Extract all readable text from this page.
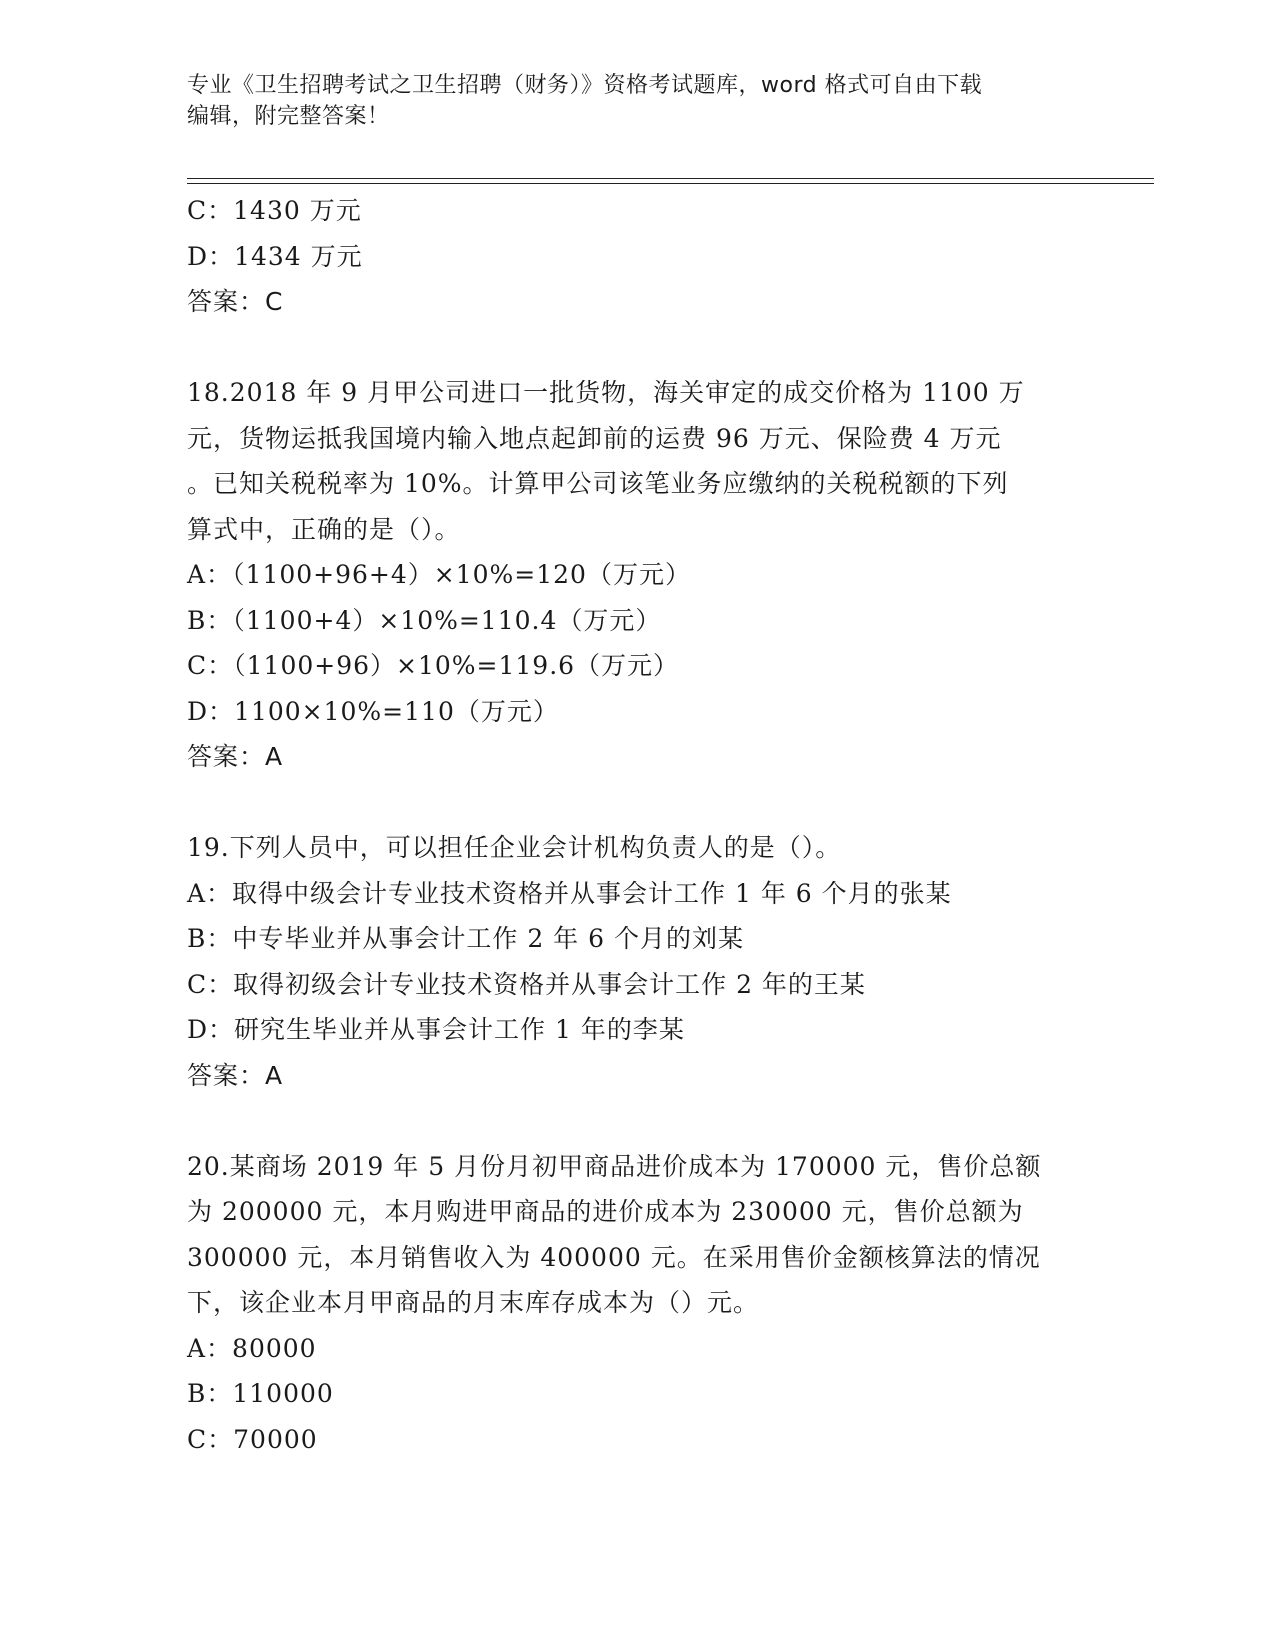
专业《卫生招聘考试之卫生招聘（财务）》资格考试题库，word 格式可自由下载
编辑，附完整答案！
C：1430 万元
D：1434 万元
答案：C
18.2018 年 9 月甲公司进口一批货物，海关审定的成交价格为 1100 万
元，货物运抵我国境内输入地点起卸前的运费 96 万元、保险费 4 万元
。已知关税税率为 10%。计算甲公司该笔业务应缴纳的关税税额的下列
算式中，正确的是（）。
A：（1100+96+4）×10%=120（万元）
B：（1100+4）×10%=110.4（万元）
C：（1100+96）×10%=119.6（万元）
D：1100×10%=110（万元）
答案：A
19.下列人员中，可以担任企业会计机构负责人的是（）。
A：取得中级会计专业技术资格并从事会计工作 1 年 6 个月的张某
B：中专毕业并从事会计工作 2 年 6 个月的刘某
C：取得初级会计专业技术资格并从事会计工作 2 年的王某
D：研究生毕业并从事会计工作 1 年的李某
答案：A
20.某商场 2019 年 5 月份月初甲商品进价成本为 170000 元，售价总额
为 200000 元，本月购进甲商品的进价成本为 230000 元，售价总额为
300000 元，本月销售收入为 400000 元。在采用售价金额核算法的情况
下，该企业本月甲商品的月末库存成本为（）元。
A：80000
B：110000
C：70000
